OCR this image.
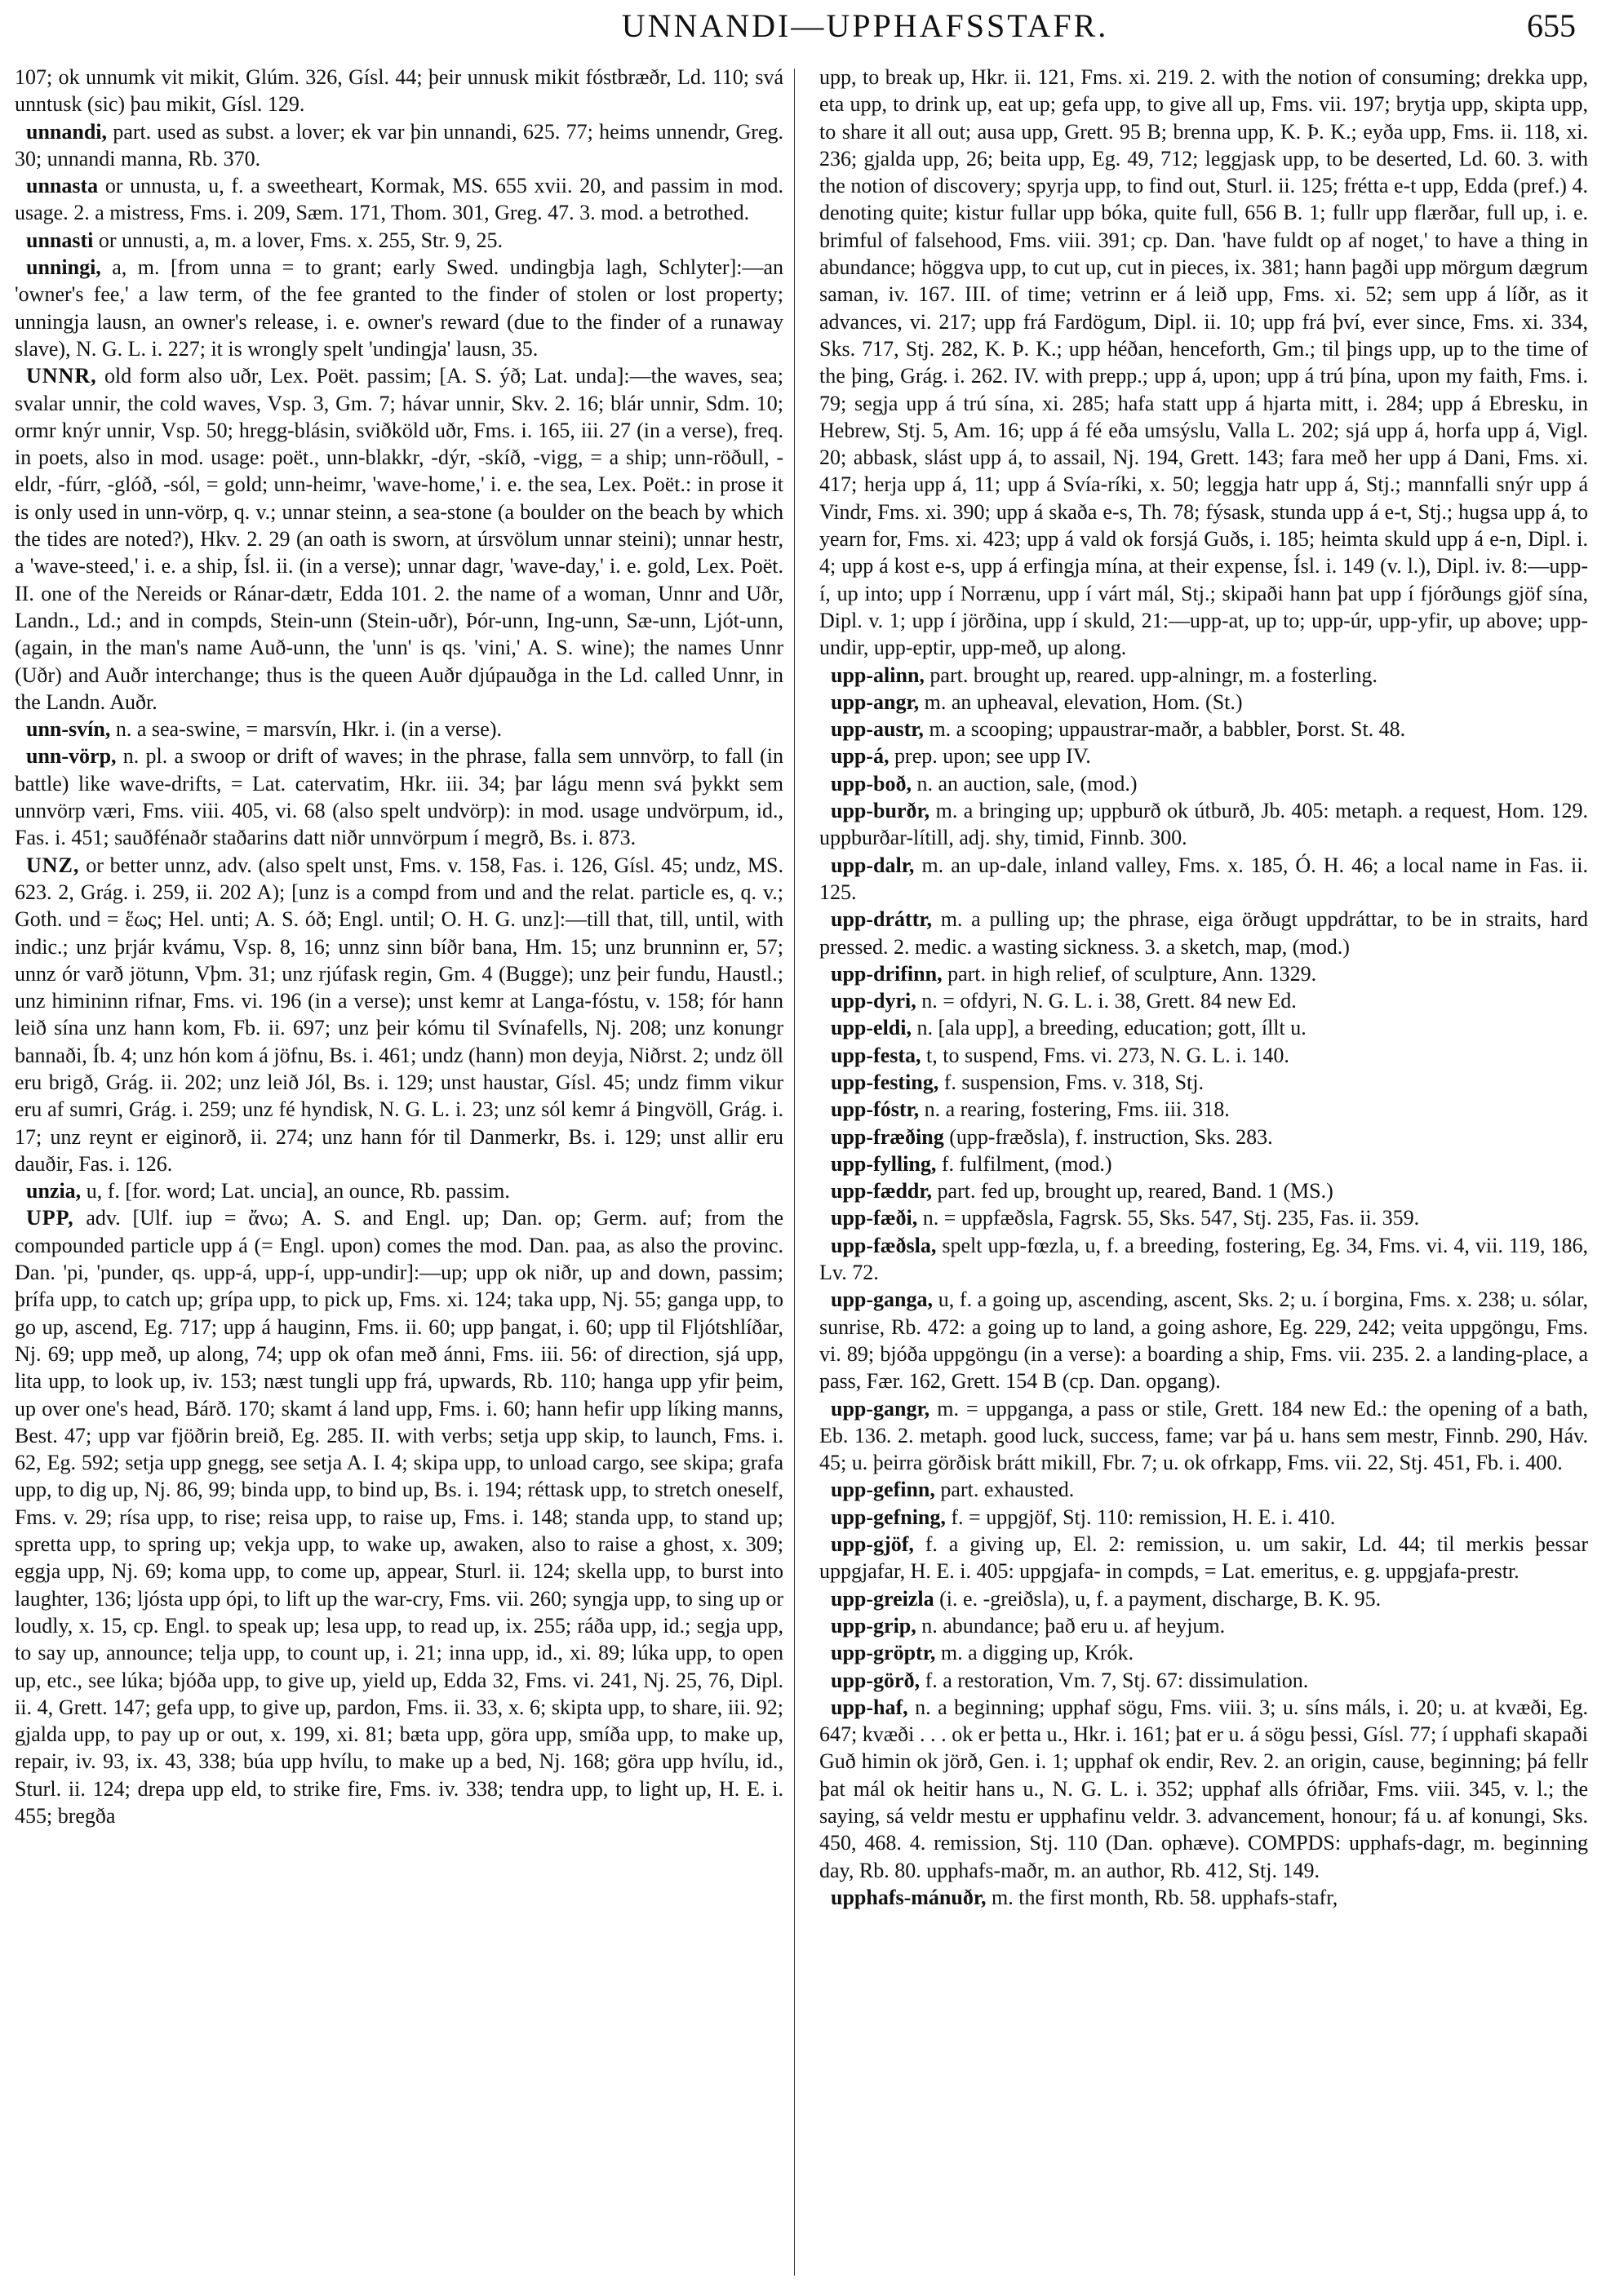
UNNANDI—UPPHAFSSTAFR.	655

107; ok unnumk vit mikit, Glúm. 326, Gísl. 44; þeir unnusk mikit fóstbræðr, Ld. 110; svá unntusk (sic) þau mikit, Gísl. 129.

unnandi, part. used as subst. a lover; ek var þin unnandi, 625. 77; heims unnendr, Greg. 30; unnandi manna, Rb. 370.

unnasta or unnusta, u, f. a sweetheart, Kormak, MS. 655 xvii. 20, and passim in mod. usage. 2. a mistress, Fms. i. 209, Sæm. 171, Thom. 301, Greg. 47. 3. mod. a betrothed.

unnasti or unnusti, a, m. a lover, Fms. x. 255, Str. 9, 25.

unningi, a, m. [from unna = to grant; early Swed. undingbja lagh, Schlyter]:—an 'owner's fee,' a law term, of the fee granted to the finder of stolen or lost property; unningja lausn, an owner's release, i. e. owner's reward (due to the finder of a runaway slave), N. G. L. i. 227; it is wrongly spelt 'undingja' lausn, 35.

UNNR, old form also uðr, Lex. Poët. passim; [A. S. ýð; Lat. unda]:—the waves, sea; svalar unnir, the cold waves, Vsp. 3, Gm. 7; hávar unnir, Skv. 2. 16; blár unnir, Sdm. 10; ormr knýr unnir, Vsp. 50; hregg-blásin, sviðköld uðr, Fms. i. 165, iii. 27 (in a verse), freq. in poets, also in mod. usage: poët., unn-blakkr, -dýr, -skíð, -vigg, = a ship; unn-röðull, -eldr, -fúrr, -glóð, -sól, = gold; unn-heimr, 'wave-home,' i. e. the sea, Lex. Poët.: in prose it is only used in unn-vörp, q. v.; unnar steinn, a sea-stone (a boulder on the beach by which the tides are noted?), Hkv. 2. 29 (an oath is sworn, at úrsvölum unnar steini); unnar hestr, a 'wave-steed,' i. e. a ship, Ísl. ii. (in a verse); unnar dagr, 'wave-day,' i. e. gold, Lex. Poët. II. one of the Nereids or Ránar-dætr, Edda 101. 2. the name of a woman, Unnr and Uðr, Landn., Ld.; and in compds, Stein-unn (Stein-uðr), Þór-unn, Ing-unn, Sæ-unn, Ljót-unn, (again, in the man's name Auð-unn, the 'unn' is qs. 'vini,' A. S. wine); the names Unnr (Uðr) and Auðr interchange; thus is the queen Auðr djúpauðga in the Ld. called Unnr, in the Landn. Auðr.

unn-svín, n. a sea-swine, = marsvín, Hkr. i. (in a verse).

unn-vörp, n. pl. a swoop or drift of waves; in the phrase, falla sem unnvörp, to fall (in battle) like wave-drifts, = Lat. catervatim, Hkr. iii. 34; þar lágu menn svá þykkt sem unnvörp væri, Fms. viii. 405, vi. 68 (also spelt undvörp): in mod. usage undvörpum, id., Fas. i. 451; sauðfénaðr staðarins datt niðr unnvörpum í megrð, Bs. i. 873.

UNZ, or better unnz, adv. (also spelt unst, Fms. v. 158, Fas. i. 126, Gísl. 45; undz, MS. 623. 2, Grág. i. 259, ii. 202 A); [unz is a compd from und and the relat. particle es, q. v.; Goth. und = ἕως; Hel. unti; A. S. óð; Engl. until; O. H. G. unz]:—till that, till, until, with indic.; unz þrjár kvámu, Vsp. 8, 16; unnz sinn bíðr bana, Hm. 15; unz brunninn er, 57; unnz ór varð jötunn, Vþm. 31; unz rjúfask regin, Gm. 4 (Bugge); unz þeir fundu, Haustl.; unz himininn rifnar, Fms. vi. 196 (in a verse); unst kemr at Langa-fóstu, v. 158; fór hann leið sína unz hann kom, Fb. ii. 697; unz þeir kómu til Svínafells, Nj. 208; unz konungr bannaði, Íb. 4; unz hón kom á jöfnu, Bs. i. 461; undz (hann) mon deyja, Niðrst. 2; undz öll eru brigð, Grág. ii. 202; unz leið Jól, Bs. i. 129; unst haustar, Gísl. 45; undz fimm vikur eru af sumri, Grág. i. 259; unz fé hyndisk, N. G. L. i. 23; unz sól kemr á Þingvöll, Grág. i. 17; unz reynt er eiginorð, ii. 274; unz hann fór til Danmerkr, Bs. i. 129; unst allir eru dauðir, Fas. i. 126.

unzia, u, f. [for. word; Lat. uncia], an ounce, Rb. passim.

UPP, adv. [Ulf. iup = ἄνω; A. S. and Engl. up; Dan. op; Germ. auf; from the compounded particle upp á (= Engl. upon) comes the mod. Dan. paa, as also the provinc. Dan. 'pi, 'punder, qs. upp-á, upp-í, upp-undir]:—up; upp ok niðr, up and down, passim; þrífa upp, to catch up; grípa upp, to pick up, Fms. xi. 124; taka upp, Nj. 55; ganga upp, to go up, ascend, Eg. 717; upp á hauginn, Fms. ii. 60; upp þangat, i. 60; upp til Fljótshlíðar, Nj. 69; upp með, up along, 74; upp ok ofan með ánni, Fms. iii. 56: of direction, sjá upp, lita upp, to look up, iv. 153; næst tungli upp frá, upwards, Rb. 110; hanga upp yfir þeim, up over one's head, Bárð. 170; skamt á land upp, Fms. i. 60; hann hefir upp líking manns, Best. 47; upp var fjöðrin breið, Eg. 285. II. with verbs; setja upp skip, to launch, Fms. i. 62, Eg. 592; setja upp gnegg, see setja A. I. 4; skipa upp, to unload cargo, see skipa; grafa upp, to dig up, Nj. 86, 99; binda upp, to bind up, Bs. i. 194; réttask upp, to stretch oneself, Fms. v. 29; rísa upp, to rise; reisa upp, to raise up, Fms. i. 148; standa upp, to stand up; spretta upp, to spring up; vekja upp, to wake up, awaken, also to raise a ghost, x. 309; eggja upp, Nj. 69; koma upp, to come up, appear, Sturl. ii. 124; skella upp, to burst into laughter, 136; ljósta upp ópi, to lift up the war-cry, Fms. vii. 260; syngja upp, to sing up or loudly, x. 15, cp. Engl. to speak up; lesa upp, to read up, ix. 255; ráða upp, id.; segja upp, to say up, announce; telja upp, to count up, i. 21; inna upp, id., xi. 89; lúka upp, to open up, etc., see lúka; bjóða upp, to give up, yield up, Edda 32, Fms. vi. 241, Nj. 25, 76, Dipl. ii. 4, Grett. 147; gefa upp, to give up, pardon, Fms. ii. 33, x. 6; skipta upp, to share, iii. 92; gjalda upp, to pay up or out, x. 199, xi. 81; bæta upp, göra upp, smíða upp, to make up, repair, iv. 93, ix. 43, 338; búa upp hvílu, to make up a bed, Nj. 168; göra upp hvílu, id., Sturl. ii. 124; drepa upp eld, to strike fire, Fms. iv. 338; tendra upp, to light up, H. E. i. 455; bregða

upp, to break up, Hkr. ii. 121, Fms. xi. 219. 2. with the notion of consuming; drekka upp, eta upp, to drink up, eat up; gefa upp, to give all up, Fms. vii. 197; brytja upp, skipta upp, to share it all out; ausa upp, Grett. 95 B; brenna upp, K. Þ. K.; eyða upp, Fms. ii. 118, xi. 236; gjalda upp, 26; beita upp, Eg. 49, 712; leggjask upp, to be deserted, Ld. 60. 3. with the notion of discovery; spyrja upp, to find out, Sturl. ii. 125; frétta e-t upp, Edda (pref.) 4. denoting quite; kistur fullar upp bóka, quite full, 656 B. 1; fullr upp flærðar, full up, i. e. brimful of falsehood, Fms. viii. 391; cp. Dan. 'have fuldt op af noget,' to have a thing in abundance; höggva upp, to cut up, cut in pieces, ix. 381; hann þagði upp mörgum dægrum saman, iv. 167. III. of time; vetrinn er á leið upp, Fms. xi. 52; sem upp á líðr, as it advances, vi. 217; upp frá Fardögum, Dipl. ii. 10; upp frá því, ever since, Fms. xi. 334, Sks. 717, Stj. 282, K. Þ. K.; upp héðan, henceforth, Gm.; til þings upp, up to the time of the þing, Grág. i. 262. IV. with prepp.; upp á, upon; upp á trú þína, upon my faith, Fms. i. 79; segja upp á trú sína, xi. 285; hafa statt upp á hjarta mitt, i. 284; upp á Ebresku, in Hebrew, Stj. 5, Am. 16; upp á fé eða umsýslu, Valla L. 202; sjá upp á, horfa upp á, Vigl. 20; abbask, slást upp á, to assail, Nj. 194, Grett. 143; fara með her upp á Dani, Fms. xi. 417; herja upp á, 11; upp á Svía-ríki, x. 50; leggja hatr upp á, Stj.; mannfalli snýr upp á Vindr, Fms. xi. 390; upp á skaða e-s, Th. 78; fýsask, stunda upp á e-t, Stj.; hugsa upp á, to yearn for, Fms. xi. 423; upp á vald ok forsjá Guðs, i. 185; heimta skuld upp á e-n, Dipl. i. 4; upp á kost e-s, upp á erfingja mína, at their expense, Ísl. i. 149 (v. l.), Dipl. iv. 8:—upp-í, up into; upp í Norrænu, upp í várt mál, Stj.; skipaði hann þat upp í fjórðungs gjöf sína, Dipl. v. 1; upp í jörðina, upp í skuld, 21:—upp-at, up to; upp-úr, upp-yfir, up above; upp-undir, upp-eptir, upp-með, up along.

upp-alinn, part. brought up, reared. upp-alningr, m. a fosterling.

upp-angr, m. an upheaval, elevation, Hom. (St.)

upp-austr, m. a scooping; uppaustrar-maðr, a babbler, Þorst. St. 48.

upp-á, prep. upon; see upp IV.

upp-boð, n. an auction, sale, (mod.)

upp-burðr, m. a bringing up; uppburð ok útburð, Jb. 405: metaph. a request, Hom. 129. uppburðar-lítill, adj. shy, timid, Finnb. 300.

upp-dalr, m. an up-dale, inland valley, Fms. x. 185, Ó. H. 46; a local name in Fas. ii. 125.

upp-dráttr, m. a pulling up; the phrase, eiga örðugt uppdráttar, to be in straits, hard pressed. 2. medic. a wasting sickness. 3. a sketch, map, (mod.)

upp-drifinn, part. in high relief, of sculpture, Ann. 1329.

upp-dyri, n. = ofdyri, N. G. L. i. 38, Grett. 84 new Ed.

upp-eldi, n. [ala upp], a breeding, education; gott, íllt u.

upp-festa, t, to suspend, Fms. vi. 273, N. G. L. i. 140.

upp-festing, f. suspension, Fms. v. 318, Stj.

upp-fóstr, n. a rearing, fostering, Fms. iii. 318.

upp-fræðing (upp-fræðsla), f. instruction, Sks. 283.

upp-fylling, f. fulfilment, (mod.)

upp-fæddr, part. fed up, brought up, reared, Band. 1 (MS.)

upp-fæði, n. = uppfæðsla, Fagrsk. 55, Sks. 547, Stj. 235, Fas. ii. 359.

upp-fæðsla, spelt upp-fœzla, u, f. a breeding, fostering, Eg. 34, Fms. vi. 4, vii. 119, 186, Lv. 72.

upp-ganga, u, f. a going up, ascending, ascent, Sks. 2; u. í borgina, Fms. x. 238; u. sólar, sunrise, Rb. 472: a going up to land, a going ashore, Eg. 229, 242; veita uppgöngu, Fms. vi. 89; bjóða uppgöngu (in a verse): a boarding a ship, Fms. vii. 235. 2. a landing-place, a pass, Fær. 162, Grett. 154 B (cp. Dan. opgang).

upp-gangr, m. = uppganga, a pass or stile, Grett. 184 new Ed.: the opening of a bath, Eb. 136. 2. metaph. good luck, success, fame; var þá u. hans sem mestr, Finnb. 290, Háv. 45; u. þeirra görðisk brátt mikill, Fbr. 7; u. ok ofrkapp, Fms. vii. 22, Stj. 451, Fb. i. 400.

upp-gefinn, part. exhausted.

upp-gefning, f. = uppgjöf, Stj. 110: remission, H. E. i. 410.

upp-gjöf, f. a giving up, El. 2: remission, u. um sakir, Ld. 44; til merkis þessar uppgjafar, H. E. i. 405: uppgjafa- in compds, = Lat. emeritus, e. g. uppgjafa-prestr.

upp-greizla (i. e. -greiðsla), u, f. a payment, discharge, B. K. 95.

upp-grip, n. abundance; það eru u. af heyjum.

upp-gröptr, m. a digging up, Krók.

upp-görð, f. a restoration, Vm. 7, Stj. 67: dissimulation.

upp-haf, n. a beginning; upphaf sögu, Fms. viii. 3; u. síns máls, i. 20; u. at kvæði, Eg. 647; kvæði . . . ok er þetta u., Hkr. i. 161; þat er u. á sögu þessi, Gísl. 77; í upphafi skapaði Guð himin ok jörð, Gen. i. 1; upphaf ok endir, Rev. 2. an origin, cause, beginning; þá fellr þat mál ok heitir hans u., N. G. L. i. 352; upphaf alls ófriðar, Fms. viii. 345, v. l.; the saying, sá veldr mestu er upphafinu veldr. 3. advancement, honour; fá u. af konungi, Sks. 450, 468. 4. remission, Stj. 110 (Dan. ophæve). COMPDS: upphafs-dagr, m. beginning day, Rb. 80. upphafs-maðr, m. an author, Rb. 412, Stj. 149.

upphafs-mánuðr, m. the first month, Rb. 58. upphafs-stafr,
